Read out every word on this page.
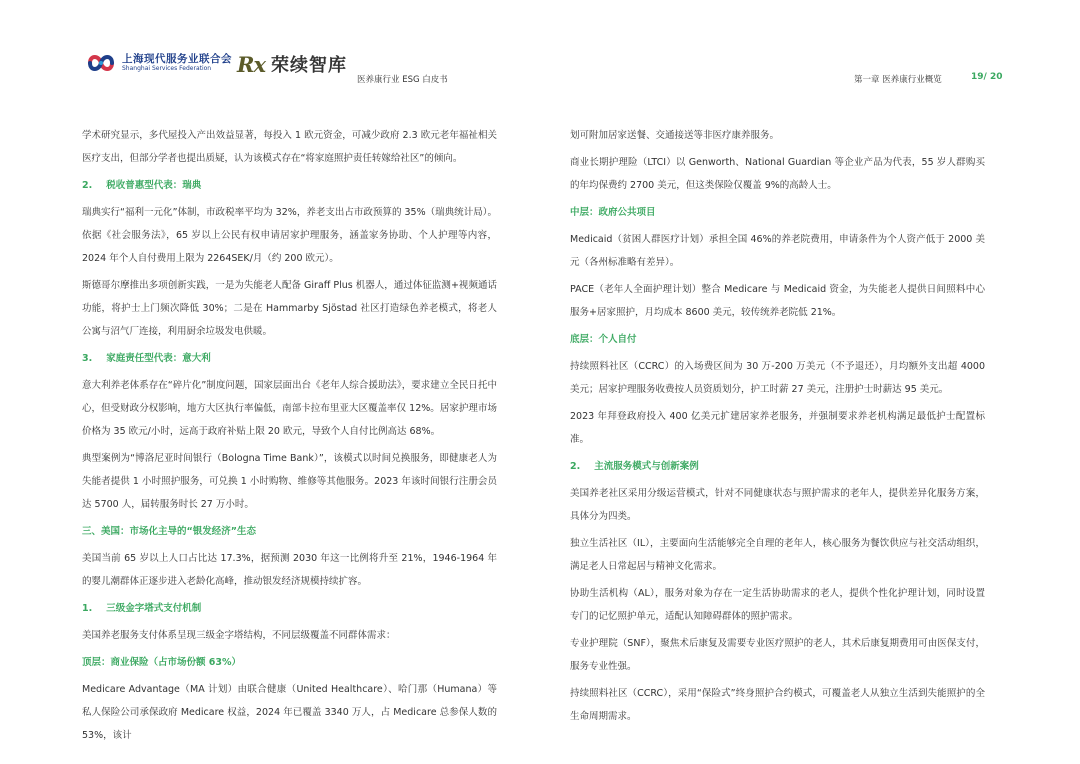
上海现代服务业联合会
Shanghai Services Federation	Rx 荣续智库
医养康行业 ESG 白皮书	第一章 医养康行业概览	19/ 20

学术研究显示，多代屋投入产出效益显著，每投入 1 欧元资金，可减少政府 2.3 欧元老年福祉相关医疗支出，但部分学者也提出质疑，认为该模式存在“将家庭照护责任转嫁给社区”的倾向。

2. 税收普惠型代表：瑞典

瑞典实行“福利一元化”体制，市政税率平均为 32%，养老支出占市政预算的 35%（瑞典统计局）。依据《社会服务法》，65 岁以上公民有权申请居家护理服务，涵盖家务协助、个人护理等内容，2024 年个人自付费用上限为 2264SEK/月（约 200 欧元）。

斯德哥尔摩推出多项创新实践，一是为失能老人配备 Giraff Plus 机器人，通过体征监测+视频通话功能，将护士上门频次降低 30%；二是在 Hammarby Sjöstad 社区打造绿色养老模式，将老人公寓与沼气厂连接，利用厨余垃圾发电供暖。

3. 家庭责任型代表：意大利

意大利养老体系存在“碎片化”制度问题，国家层面出台《老年人综合援助法》，要求建立全民日托中心，但受财政分权影响，地方大区执行率偏低，南部卡拉布里亚大区覆盖率仅 12%。居家护理市场价格为 35 欧元/小时，远高于政府补贴上限 20 欧元，导致个人自付比例高达 68%。

典型案例为“博洛尼亚时间银行（Bologna Time Bank）”，该模式以时间兑换服务，即健康老人为失能者提供 1 小时照护服务，可兑换 1 小时购物、维修等其他服务。2023 年该时间银行注册会员达 5700 人，届转服务时长 27 万小时。

三、美国：市场化主导的“银发经济”生态

美国当前 65 岁以上人口占比达 17.3%，据预测 2030 年这一比例将升至 21%，1946-1964 年的婴儿潮群体正逐步进入老龄化高峰，推动银发经济规模持续扩容。

1. 三级金字塔式支付机制

美国养老服务支付体系呈现三级金字塔结构，不同层级覆盖不同群体需求：

顶层：商业保险（占市场份额 63%）

Medicare Advantage（MA 计划）由联合健康（United Healthcare）、哈门那（Humana）等私人保险公司承保政府 Medicare 权益，2024 年已覆盖 3340 万人，占 Medicare 总参保人数的 53%，该计

划可附加居家送餐、交通接送等非医疗康养服务。

商业长期护理险（LTCI）以 Genworth、National Guardian 等企业产品为代表，55 岁人群购买的年均保费约 2700 美元，但这类保险仅覆盖 9%的高龄人士。

中层：政府公共项目

Medicaid（贫困人群医疗计划）承担全国 46%的养老院费用，申请条件为个人资产低于 2000 美元（各州标准略有差异）。

PACE（老年人全面护理计划）整合 Medicare 与 Medicaid 资金，为失能老人提供日间照料中心服务+居家照护，月均成本 8600 美元，较传统养老院低 21%。

底层：个人自付

持续照料社区（CCRC）的入场费区间为 30 万-200 万美元（不予退还），月均额外支出超 4000 美元；居家护理服务收费按人员资质划分，护工时薪 27 美元，注册护士时薪达 95 美元。

2023 年拜登政府投入 400 亿美元扩建居家养老服务，并强制要求养老机构满足最低护士配置标准。

2. 主流服务模式与创新案例

美国养老社区采用分级运营模式，针对不同健康状态与照护需求的老年人，提供差异化服务方案，具体分为四类。

独立生活社区（IL），主要面向生活能够完全自理的老年人，核心服务为餐饮供应与社交活动组织，满足老人日常起居与精神文化需求。

协助生活机构（AL），服务对象为存在一定生活协助需求的老人，提供个性化护理计划，同时设置专门的记忆照护单元，适配认知障碍群体的照护需求。

专业护理院（SNF），聚焦术后康复及需要专业医疗照护的老人，其术后康复期费用可由医保支付，服务专业性强。

持续照料社区（CCRC），采用“保险式”终身照护合约模式，可覆盖老人从独立生活到失能照护的全生命周期需求。
